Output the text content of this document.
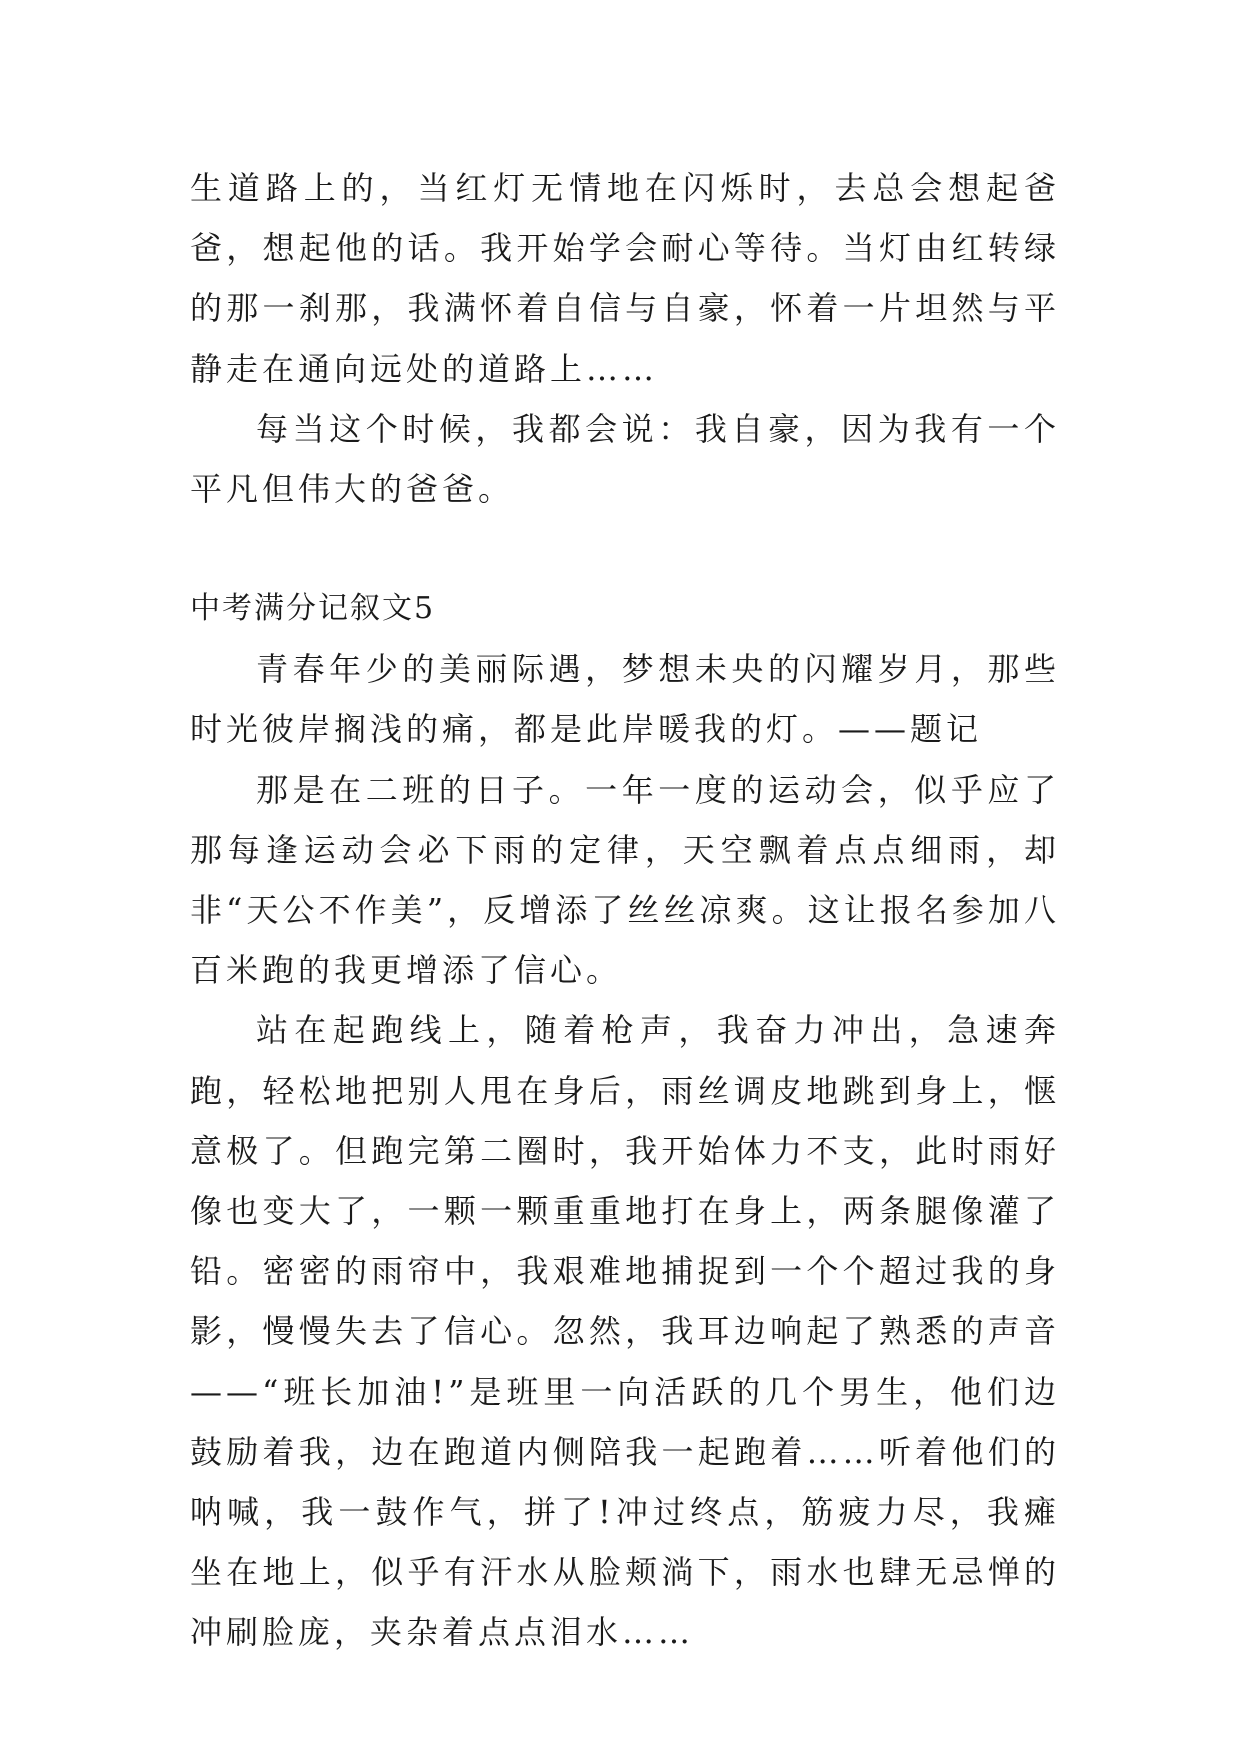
生道路上的，当红灯无情地在闪烁时，去总会想起爸爸，想起他的话。我开始学会耐心等待。当灯由红转绿的那一刹那，我满怀着自信与自豪，怀着一片坦然与平静走在通向远处的道路上……

每当这个时候，我都会说：我自豪，因为我有一个平凡但伟大的爸爸。

中考满分记叙文5

青春年少的美丽际遇，梦想未央的闪耀岁月，那些时光彼岸搁浅的痛，都是此岸暖我的灯。——题记

那是在二班的日子。一年一度的运动会，似乎应了那每逢运动会必下雨的定律，天空飘着点点细雨，却非“天公不作美”，反增添了丝丝凉爽。这让报名参加八百米跑的我更增添了信心。

站在起跑线上，随着枪声，我奋力冲出，急速奔跑，轻松地把别人甩在身后，雨丝调皮地跳到身上，惬意极了。但跑完第二圈时，我开始体力不支，此时雨好像也变大了，一颗一颗重重地打在身上，两条腿像灌了铅。密密的雨帘中，我艰难地捕捉到一个个超过我的身影，慢慢失去了信心。忽然，我耳边响起了熟悉的声音——“班长加油!”是班里一向活跃的几个男生，他们边鼓励着我，边在跑道内侧陪我一起跑着……听着他们的呐喊，我一鼓作气，拼了!冲过终点，筋疲力尽，我瘫坐在地上，似乎有汗水从脸颊淌下，雨水也肆无忌惮的冲刷脸庞，夹杂着点点泪水……
